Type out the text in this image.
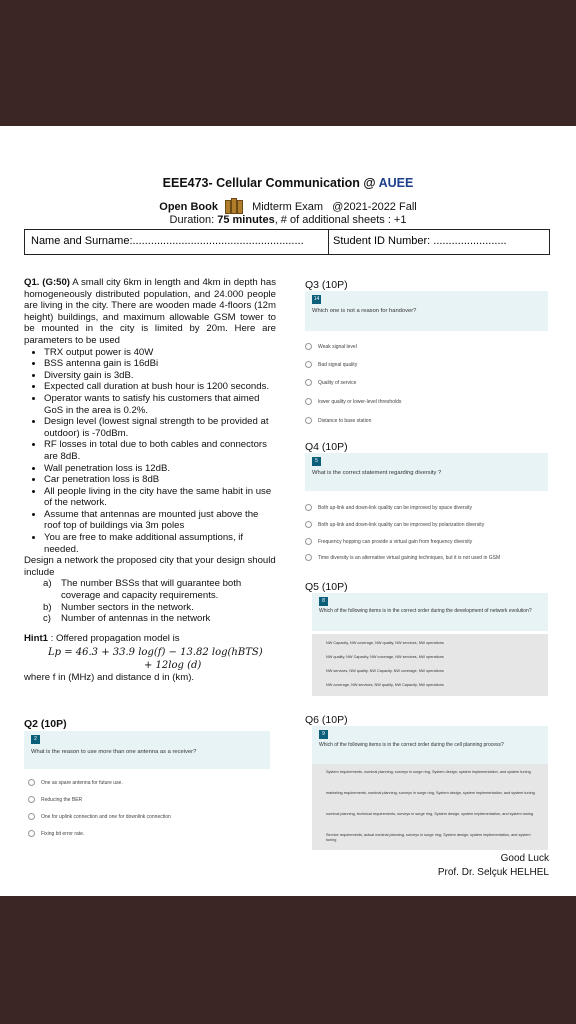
EEE473- Cellular Communication @ AUEE
Open Book	Midterm Exam @2021-2022 Fall
Duration: 75 minutes, # of additional sheets : +1
Name and Surname:........................................................	Student ID Number: ........................

Q1. (G:50) A small city 6km in length and 4km in depth has homogeneously distributed population, and 24.000 people are living in the city. There are wooden made 4-floors (12m height) buildings, and maximum allowable GSM tower to be mounted in the city is limited by 20m. Here are parameters to be used

• TRX output power is 40W
• BSS antenna gain is 16dBi
• Diversity gain is 3dB.
• Expected call duration at bush hour is 1200 seconds.
• Operator wants to satisfy his customers that aimed GoS in the area is 0.2%.
• Design level (lowest signal strength to be provided at outdoor) is -70dBm.
• RF losses in total due to both cables and connectors are 8dB.
• Wall penetration loss is 12dB.
• Car penetration loss is 8dB
• All people living in the city have the same habit in use of the network.
• Assume that antennas are mounted just above the roof top of buildings via 3m poles
• You are free to make additional assumptions, if needed.

Design a network the proposed city that your design should include

a) The number BSSs that will guarantee both coverage and capacity requirements.
b) Number sectors in the network.
c) Number of antennas in the network

Hint1 : Offered propagation model is

Lp = 46.3 + 33.9 log(f) − 13.82 log(hBTS)
+ 12log (d)

where f in (MHz) and distance d in (km).

Q2 (10P)
2
What is the reason to use more than one antenna as a receiver?
One as spare antenna for future use.
Reducing the BER
One for uplink connection and one for downlink connection
Fixing bit error rate.
Q3 (10P)
14
Which one is not a reason for handover?
Weak signal level
Bad signal quality
Quality of service
lower quality or lower-level thresholds
Distance to base station
Q4 (10P)
5
What is the correct statement regarding diversity ?
Both up-link and down-link quality can be improved by space diversity
Both up-link and down-link quality can be improved by polarization diversity
Frequency hopping can provide a virtual gain from frequency diversity
Time diversity is an alternative virtual gaining techniques, but it is not used in GSM
Q5 (10P)
8
Which of the following items is in the correct order during the development of network evolution?
NW Capacity, NW coverage, NW quality, NW services, NW operations
NW quality, NW Capacity, NW coverage, NW services, NW operations
NW services, NW quality, NW Capacity, NW coverage, NW operations
NW coverage, NW services, NW quality, NW Capacity, NW operations
Q6 (10P)
9
Which of the following items is in the correct order during the cell planning process?
System requirements, nominal planning, surveys in surge ring, System design, system implementation, and system tuning
marketing requirements, nominal planning, surveys in surge ring, System design, system implementation, and system tuning
nominal planning, technical requirements, surveys in surge ring, System design, system implementation, and system tuning
Service requirements, actual nominal planning, surveys in surge ring, System design, system implementation, and system tuning
Good Luck
Prof. Dr. Selçuk HELHEL
